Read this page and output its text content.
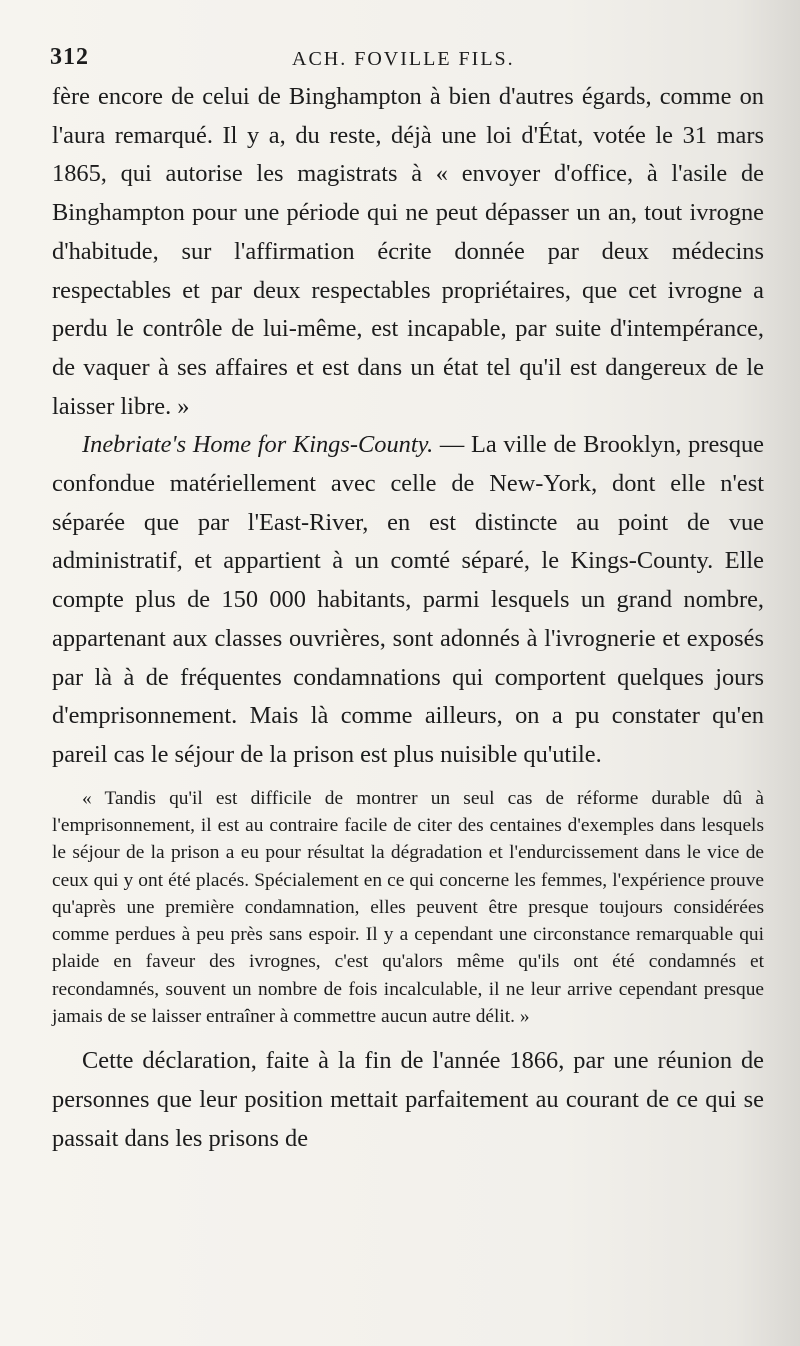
312	ACH. FOVILLE FILS.

fère encore de celui de Binghampton à bien d'autres égards, comme on l'aura remarqué. Il y a, du reste, déjà une loi d'État, votée le 31 mars 1865, qui autorise les magistrats à « envoyer d'office, à l'asile de Binghampton pour une période qui ne peut dépasser un an, tout ivrogne d'habitude, sur l'affirmation écrite donnée par deux médecins respectables et par deux respectables propriétaires, que cet ivrogne a perdu le contrôle de lui-même, est incapable, par suite d'intempérance, de vaquer à ses affaires et est dans un état tel qu'il est dangereux de le laisser libre. »

Inebriate's Home for Kings-County. — La ville de Brooklyn, presque confondue matériellement avec celle de New-York, dont elle n'est séparée que par l'East-River, en est distincte au point de vue administratif, et appartient à un comté séparé, le Kings-County. Elle compte plus de 150 000 habitants, parmi lesquels un grand nombre, appartenant aux classes ouvrières, sont adonnés à l'ivrognerie et exposés par là à de fréquentes condamnations qui comportent quelques jours d'emprisonnement. Mais là comme ailleurs, on a pu constater qu'en pareil cas le séjour de la prison est plus nuisible qu'utile.

« Tandis qu'il est difficile de montrer un seul cas de réforme durable dû à l'emprisonnement, il est au contraire facile de citer des centaines d'exemples dans lesquels le séjour de la prison a eu pour résultat la dégradation et l'endurcissement dans le vice de ceux qui y ont été placés. Spécialement en ce qui concerne les femmes, l'expérience prouve qu'après une première condamnation, elles peuvent être presque toujours considérées comme perdues à peu près sans espoir. Il y a cependant une circonstance remarquable qui plaide en faveur des ivrognes, c'est qu'alors même qu'ils ont été condamnés et recondamnés, souvent un nombre de fois incalculable, il ne leur arrive cependant presque jamais de se laisser entraîner à commettre aucun autre délit. »

Cette déclaration, faite à la fin de l'année 1866, par une réunion de personnes que leur position mettait parfaitement au courant de ce qui se passait dans les prisons de
